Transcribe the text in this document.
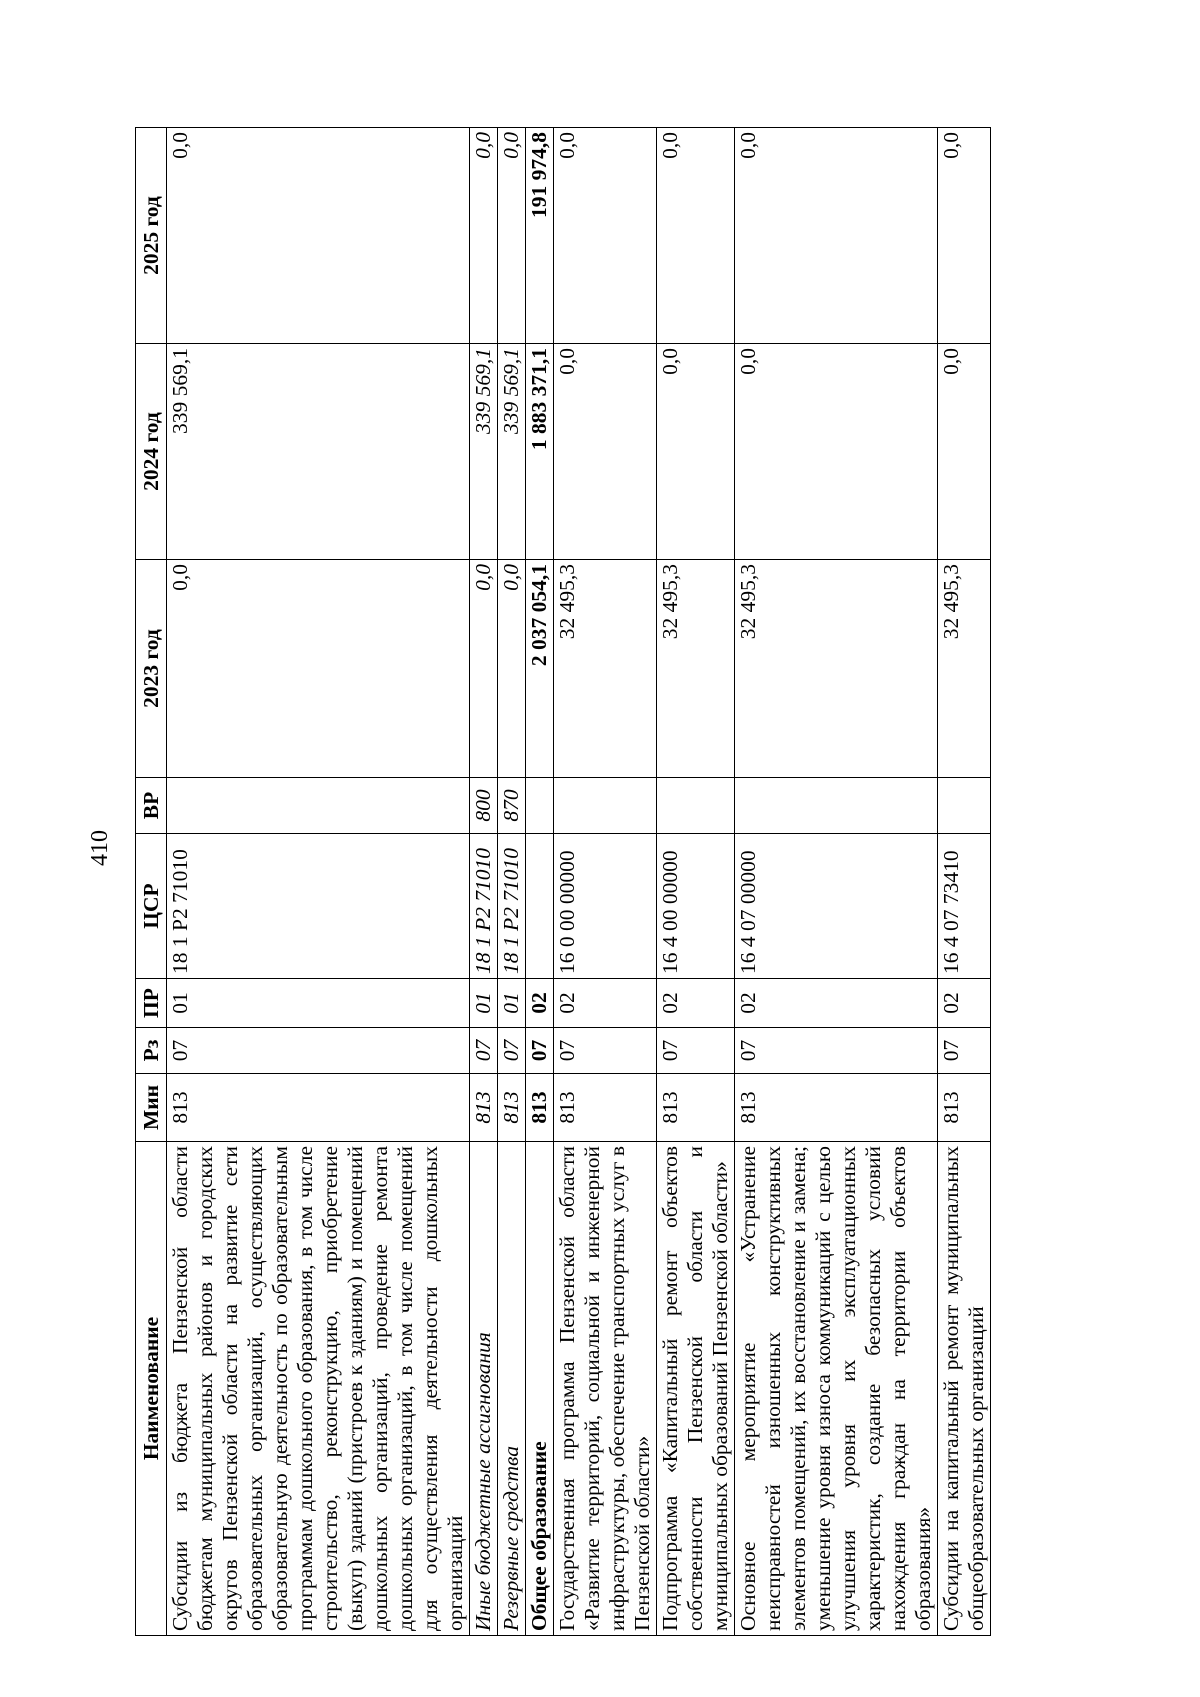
410
Наименование	Мин	Рз	ПР	ЦСР	ВР	2023 год	2024 год	2025 год
Субсидии из бюджета Пензенской области бюджетам муниципальных районов и городских округов Пензенской области на развитие сети образовательных организаций, осуществляющих образовательную деятельность по образовательным программам дошкольного образования, в том числе строительство, реконструкцию, приобретение (выкуп) зданий (пристроев к зданиям) и помещений дошкольных организаций, проведение ремонта дошкольных организаций, в том числе помещений для осуществления деятельности дошкольных организаций	813	07	01	18 1 P2 71010		0,0	339 569,1	0,0
Иные бюджетные ассигнования	813	07	01	18 1 P2 71010	800	0,0	339 569,1	0,0
Резервные средства	813	07	01	18 1 P2 71010	870	0,0	339 569,1	0,0
Общее образование	813	07	02			2 037 054,1	1 883 371,1	191 974,8
Государственная программа Пензенской области «Развитие территорий, социальной и инженерной инфраструктуры, обеспечение транспортных услуг в Пензенской области»	813	07	02	16 0 00 00000		32 495,3	0,0	0,0
Подпрограмма «Капитальный ремонт объектов собственности Пензенской области и муниципальных образований Пензенской области»	813	07	02	16 4 00 00000		32 495,3	0,0	0,0
Основное мероприятие «Устранение неисправностей изношенных конструктивных элементов помещений, их восстановление и замена; уменьшение уровня износа коммуникаций с целью улучшения уровня их эксплуатационных характеристик, создание безопасных условий нахождения граждан на территории объектов образования»	813	07	02	16 4 07 00000		32 495,3	0,0	0,0
Субсидии на капитальный ремонт муниципальных общеобразовательных организаций	813	07	02	16 4 07 73410		32 495,3	0,0	0,0
